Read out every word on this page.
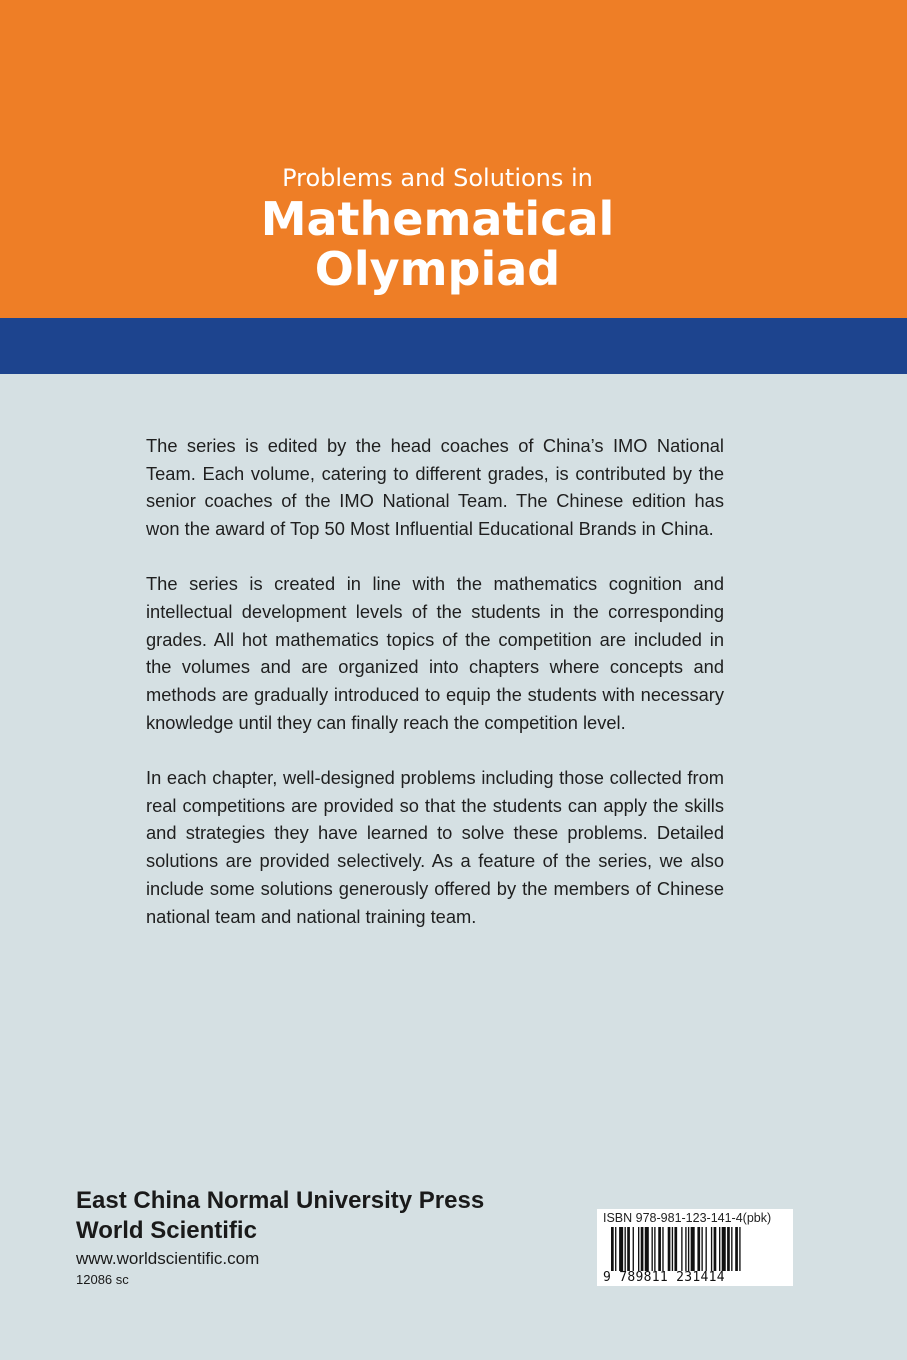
Problems and Solutions in
Mathematical
Olympiad

The series is edited by the head coaches of China’s IMO National Team. Each volume, catering to different grades, is contributed by the senior coaches of the IMO National Team. The Chinese edition has won the award of Top 50 Most Influential Educational Brands in China.

The series is created in line with the mathematics cognition and intellectual development levels of the students in the corresponding grades. All hot mathematics topics of the competition are included in the volumes and are organized into chapters where concepts and methods are gradually introduced to equip the students with necessary knowledge until they can finally reach the competition level.

In each chapter, well-designed problems including those collected from real competitions are provided so that the students can apply the skills and strategies they have learned to solve these problems. Detailed solutions are provided selectively. As a feature of the series, we also include some solutions generously offered by the members of Chinese national team and national training team.

East China Normal University Press
World Scientific
www.worldscientific.com
12086 sc
ISBN 978-981-123-141-4(pbk)
9 789811 231414
